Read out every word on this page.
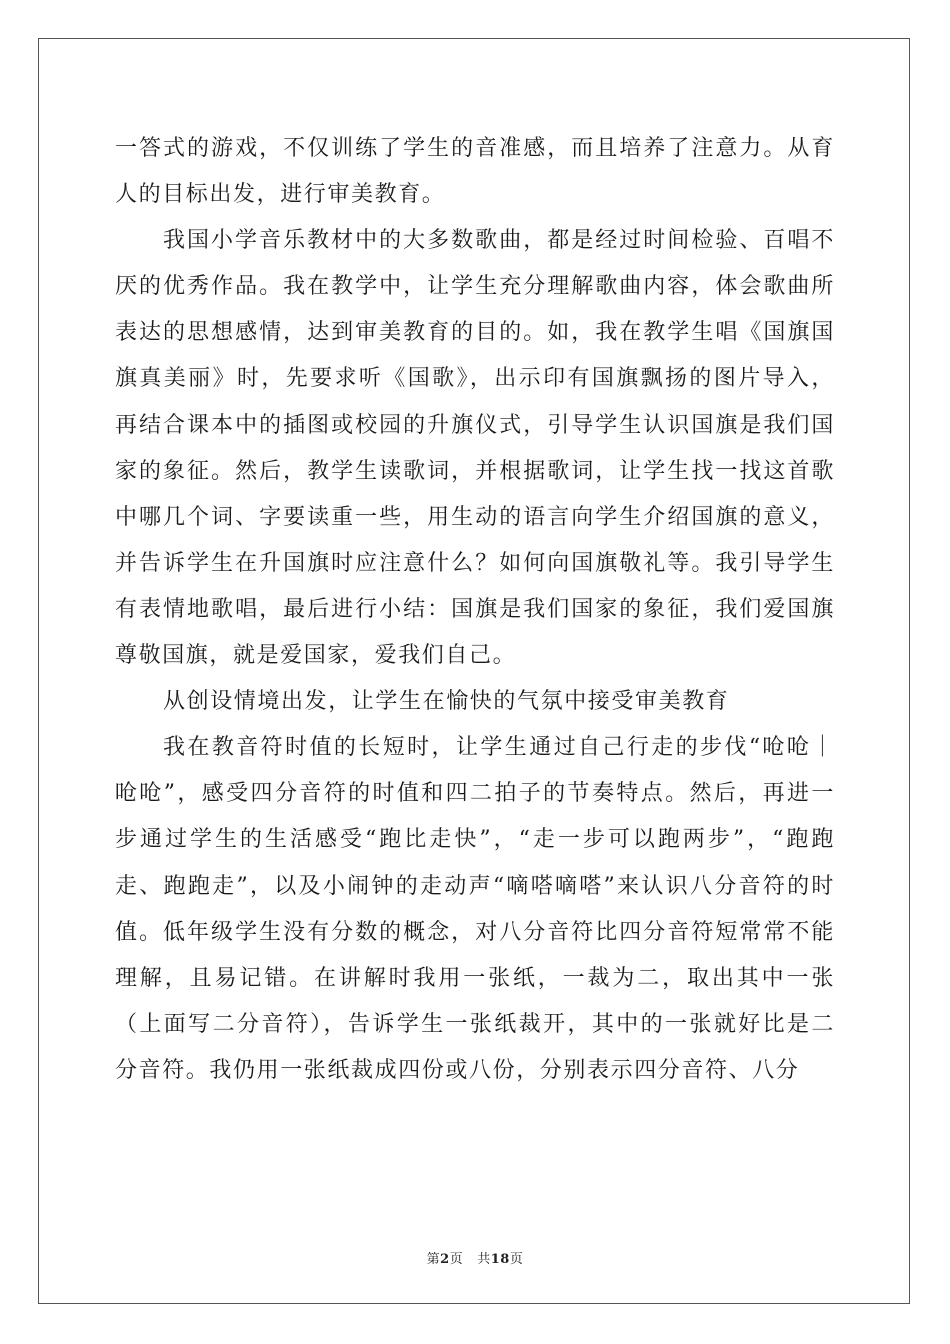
一答式的游戏，不仅训练了学生的音准感，而且培养了注意力。从育人的目标出发，进行审美教育。

我国小学音乐教材中的大多数歌曲，都是经过时间检验、百唱不厌的优秀作品。我在教学中，让学生充分理解歌曲内容，体会歌曲所表达的思想感情，达到审美教育的目的。如，我在教学生唱《国旗国旗真美丽》时，先要求听《国歌》，出示印有国旗飘扬的图片导入，再结合课本中的插图或校园的升旗仪式，引导学生认识国旗是我们国家的象征。然后，教学生读歌词，并根据歌词，让学生找一找这首歌中哪几个词、字要读重一些，用生动的语言向学生介绍国旗的意义，并告诉学生在升国旗时应注意什么？如何向国旗敬礼等。我引导学生有表情地歌唱，最后进行小结：国旗是我们国家的象征，我们爱国旗尊敬国旗，就是爱国家，爱我们自己。

从创设情境出发，让学生在愉快的气氛中接受审美教育

我在教音符时值的长短时，让学生通过自己行走的步伐“呛呛｜呛呛”，感受四分音符的时值和四二拍子的节奏特点。然后，再进一步通过学生的生活感受“跑比走快”，“走一步可以跑两步”，“跑跑走、跑跑走”，以及小闹钟的走动声“嘀嗒嘀嗒”来认识八分音符的时值。低年级学生没有分数的概念，对八分音符比四分音符短常常不能理解，且易记错。在讲解时我用一张纸，一裁为二，取出其中一张（上面写二分音符），告诉学生一张纸裁开，其中的一张就好比是二分音符。我仍用一张纸裁成四份或八份，分别表示四分音符、八分

第2页 共18页
